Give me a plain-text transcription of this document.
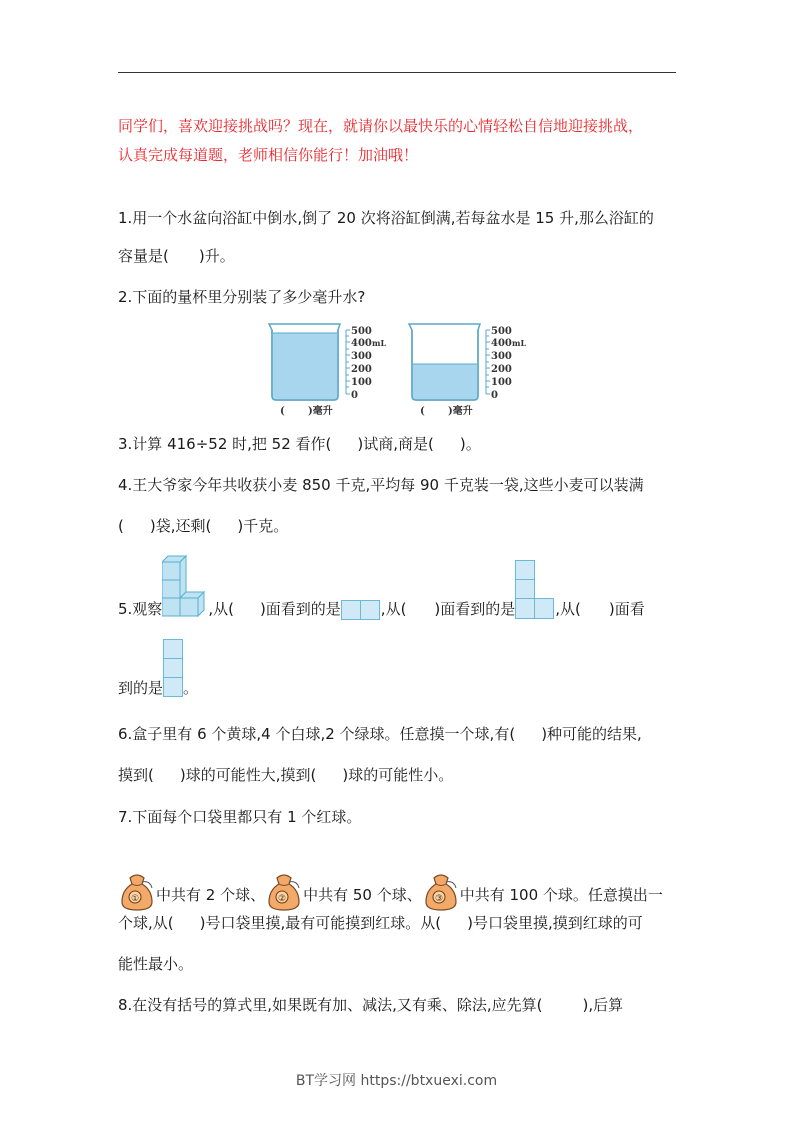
同学们，喜欢迎接挑战吗？现在，就请你以最快乐的心情轻松自信地迎接挑战，
认真完成每道题，老师相信你能行！加油哦！
1.用一个水盆向浴缸中倒水,倒了 20 次将浴缸倒满,若每盆水是 15 升,那么浴缸的
容量是( )升。
2.下面的量杯里分别装了多少毫升水?
500
400
300
200
100
0
mL
( )毫升
500
400
300
200
100
0
mL
( )毫升
3.计算 416÷52 时,把 52 看作( )试商,商是( )。
4.王大爷家今年共收获小麦 850 千克,平均每 90 千克装一袋,这些小麦可以装满
( )袋,还剩( )千克。
5.观察	,从( )面看到的是	,从( )面看到的是	,从( )面看
到的是 。
6.盒子里有 6 个黄球,4 个白球,2 个绿球。任意摸一个球,有( )种可能的结果,
摸到( )球的可能性大,摸到( )球的可能性小。
7.下面每个口袋里都只有 1 个红球。
① 中共有 2 个球、 ② 中共有 50 个球、 ③ 中共有 100 个球。任意摸出一
个球,从( )号口袋里摸,最有可能摸到红球。从( )号口袋里摸,摸到红球的可
能性最小。
8.在没有括号的算式里,如果既有加、减法,又有乘、除法,应先算(	),后算
BT学习网 https://btxuexi.com
